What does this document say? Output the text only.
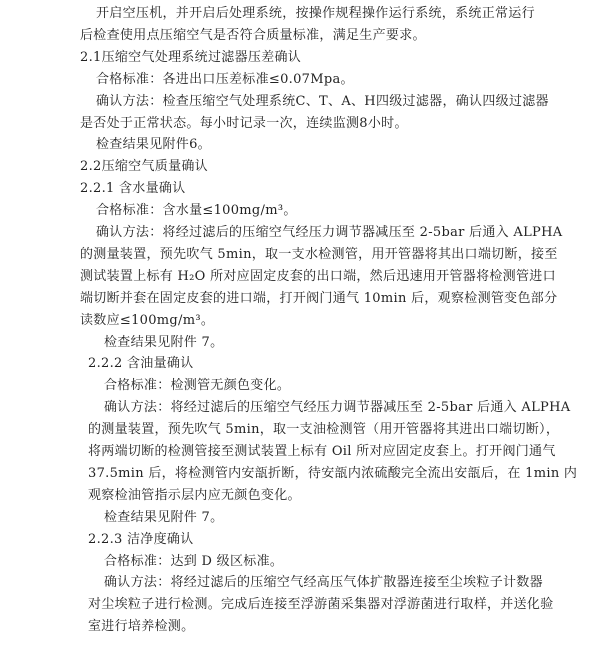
开启空压机，并开启后处理系统，按操作规程操作运行系统，系统正常运行
后检查使用点压缩空气是否符合质量标准，满足生产要求。
2.1压缩空气处理系统过滤器压差确认
合格标准：各进出口压差标准≤0.07Mpa。
确认方法：检查压缩空气处理系统C、T、A、H四级过滤器，确认四级过滤器
是否处于正常状态。每小时记录一次，连续监测8小时。
检查结果见附件6。
2.2压缩空气质量确认
2.2.1 含水量确认
合格标准：含水量≤100mg/m³。
确认方法：将经过滤后的压缩空气经压力调节器减压至 2-5bar 后通入 ALPHA
的测量装置，预先吹气 5min，取一支水检测管，用开管器将其出口端切断，接至
测试装置上标有 H₂O 所对应固定皮套的出口端，然后迅速用开管器将检测管进口
端切断并套在固定皮套的进口端，打开阀门通气 10min 后，观察检测管变色部分
读数应≤100mg/m³。
检查结果见附件 7。
2.2.2 含油量确认
合格标准：检测管无颜色变化。
确认方法：将经过滤后的压缩空气经压力调节器减压至 2-5bar 后通入 ALPHA
的测量装置，预先吹气 5min，取一支油检测管（用开管器将其进出口端切断），
将两端切断的检测管接至测试装置上标有 Oil 所对应固定皮套上。打开阀门通气
37.5min 后，将检测管内安瓿折断，待安瓿内浓硫酸完全流出安瓿后，在 1min 内
观察检油管指示层内应无颜色变化。
检查结果见附件 7。
2.2.3 洁净度确认
合格标准：达到 D 级区标准。
确认方法：将经过滤后的压缩空气经高压气体扩散器连接至尘埃粒子计数器
对尘埃粒子进行检测。完成后连接至浮游菌采集器对浮游菌进行取样，并送化验
室进行培养检测。
